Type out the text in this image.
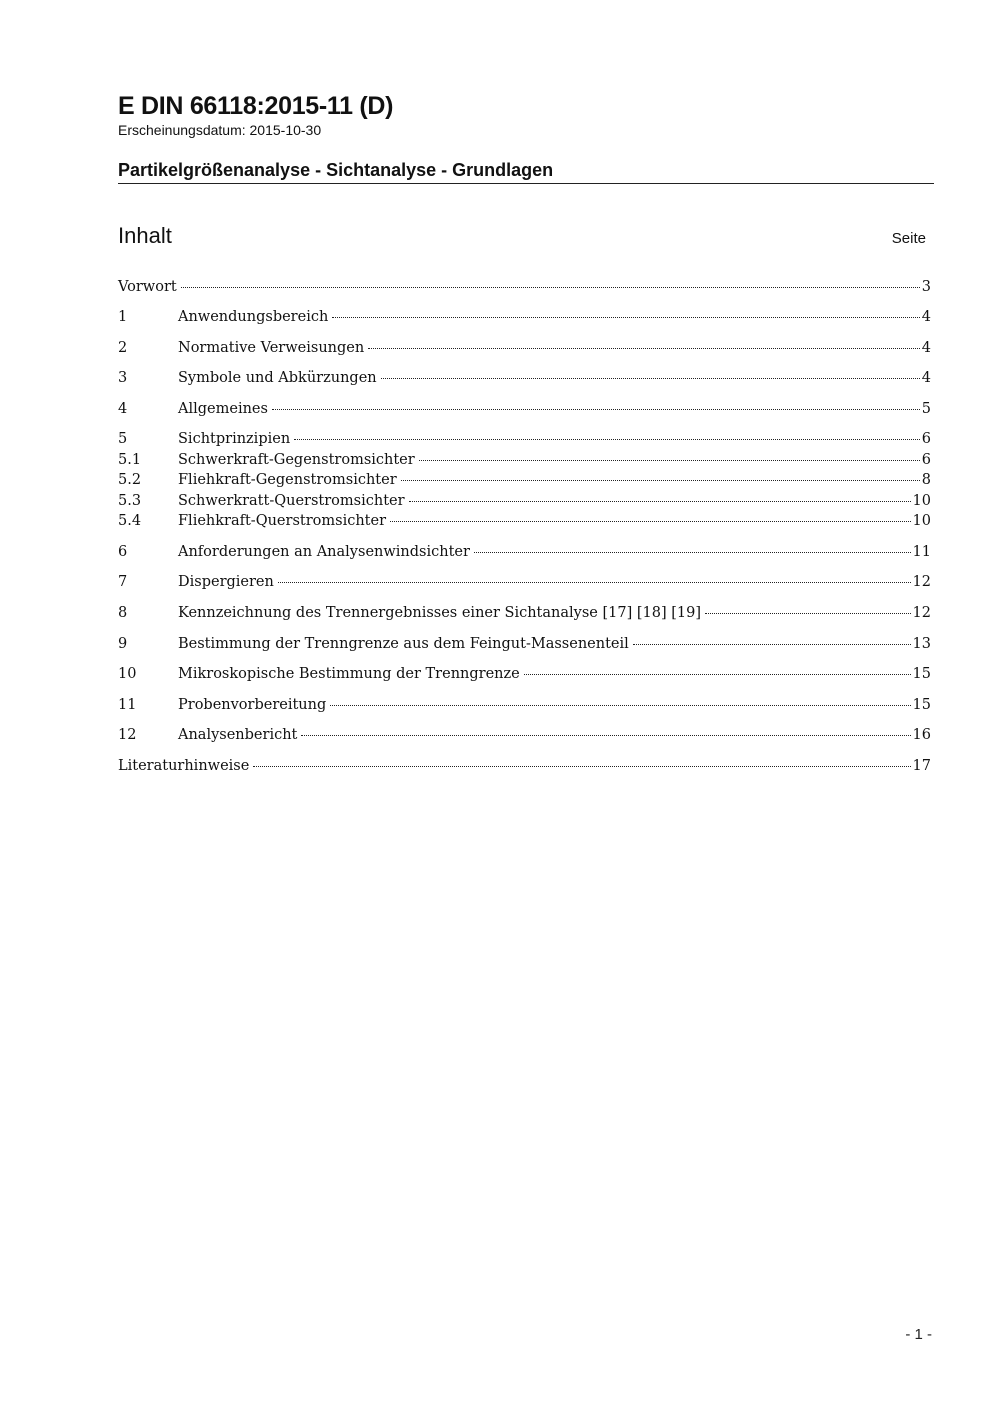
E DIN 66118:2015-11 (D)
Erscheinungsdatum: 2015-10-30
Partikelgrößenanalyse - Sichtanalyse - Grundlagen
Inhalt	Seite
Vorwort	3
1	Anwendungsbereich	4
2	Normative Verweisungen	4
3	Symbole und Abkürzungen	4
4	Allgemeines	5
5	Sichtprinzipien	6
5.1	Schwerkraft-Gegenstromsichter	6
5.2	Fliehkraft-Gegenstromsichter	8
5.3	Schwerkratt-Querstromsichter	10
5.4	Fliehkraft-Querstromsichter	10
6	Anforderungen an Analysenwindsichter	11
7	Dispergieren	12
8	Kennzeichnung des Trennergebnisses einer Sichtanalyse [17] [18] [19]	12
9	Bestimmung der Trenngrenze aus dem Feingut-Massenenteil	13
10	Mikroskopische Bestimmung der Trenngrenze	15
11	Probenvorbereitung	15
12	Analysenbericht	16
Literaturhinweise	17
- 1 -
